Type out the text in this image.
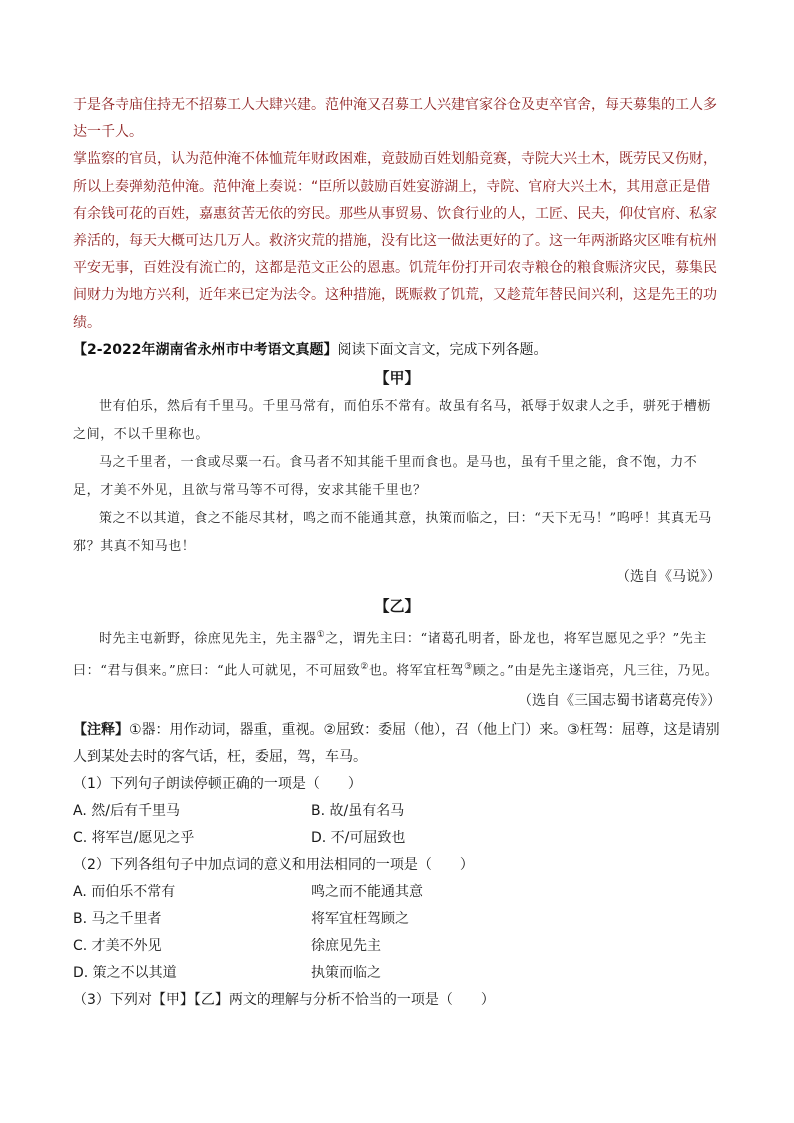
于是各寺庙住持无不招募工人大肆兴建。范仲淹又召募工人兴建官家谷仓及吏卒官舍，每天募集的工人多达一千人。

掌监察的官员，认为范仲淹不体恤荒年财政困难，竟鼓励百姓划船竞赛，寺院大兴土木，既劳民又伤财，所以上奏弹劾范仲淹。范仲淹上奏说：“臣所以鼓励百姓宴游湖上，寺院、官府大兴土木，其用意正是借有余钱可花的百姓，嘉惠贫苦无依的穷民。那些从事贸易、饮食行业的人，工匠、民夫，仰仗官府、私家养活的，每天大概可达几万人。救济灾荒的措施，没有比这一做法更好的了。这一年两浙路灾区唯有杭州平安无事，百姓没有流亡的，这都是范文正公的恩惠。饥荒年份打开司农寺粮仓的粮食赈济灾民，募集民间财力为地方兴利，近年来已定为法令。这种措施，既赈救了饥荒，又趁荒年替民间兴利，这是先王的功绩。

【2-2022年湖南省永州市中考语文真题】阅读下面文言文，完成下列各题。

【甲】

世有伯乐，然后有千里马。千里马常有，而伯乐不常有。故虽有名马，祇辱于奴隶人之手，骈死于槽枥之间，不以千里称也。

马之千里者，一食或尽粟一石。食马者不知其能千里而食也。是马也，虽有千里之能，食不饱，力不足，才美不外见，且欲与常马等不可得，安求其能千里也？

策之不以其道，食之不能尽其材，鸣之而不能通其意，执策而临之，曰：“天下无马！”呜呼！其真无马邪？其真不知马也！

（选自《马说》）

【乙】

时先主屯新野，徐庶见先主，先主器①之，谓先主曰：“诸葛孔明者，卧龙也，将军岂愿见之乎？”先主曰：“君与俱来。”庶曰：“此人可就见，不可屈致②也。将军宜枉驾③顾之。”由是先主遂诣亮，凡三往，乃见。

（选自《三国志蜀书诸葛亮传》）

【注释】①器：用作动词，器重，重视。②屈致：委屈（他），召（他上门）来。③枉驾：屈尊，这是请别人到某处去时的客气话，枉，委屈，驾，车马。

（1）下列句子朗读停顿正确的一项是（　　）

A. 然/后有千里马	B. 故/虽有名马
C. 将军岂/愿见之乎	D. 不/可屈致也

（2）下列各组句子中加点词的意义和用法相同的一项是（　　）

A. 而伯乐不常有	鸣之而不能通其意
B. 马之千里者	将军宜枉驾顾之
C. 才美不外见	徐庶见先主
D. 策之不以其道	执策而临之

（3）下列对【甲】【乙】两文的理解与分析不恰当的一项是（　　）
